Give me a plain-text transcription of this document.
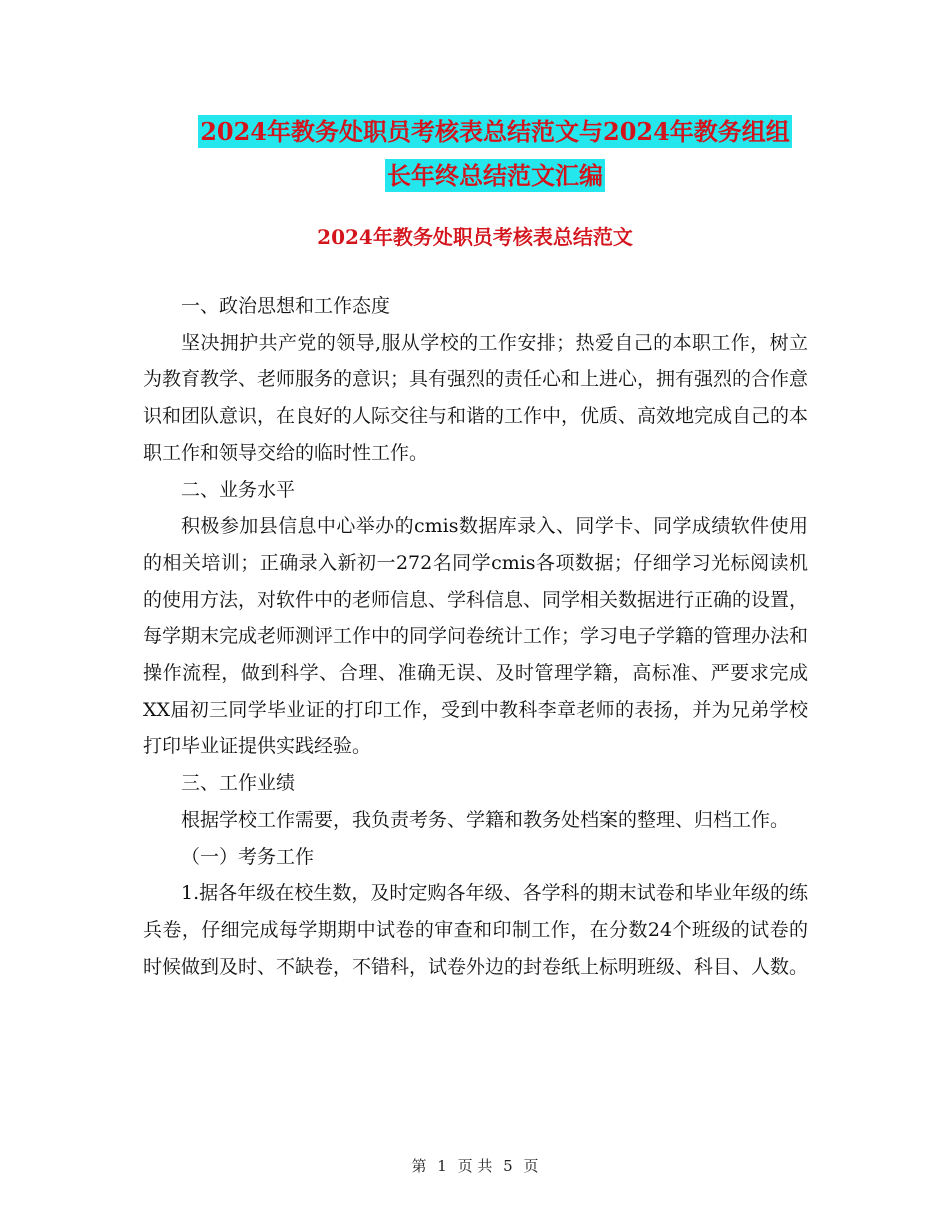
2024年教务处职员考核表总结范文与2024年教务组组
长年终总结范文汇编
2024年教务处职员考核表总结范文

一、政治思想和工作态度

坚决拥护共产党的领导,服从学校的工作安排；热爱自己的本职工作，树立为教育教学、老师服务的意识；具有强烈的责任心和上进心，拥有强烈的合作意识和团队意识，在良好的人际交往与和谐的工作中，优质、高效地完成自己的本职工作和领导交给的临时性工作。

二、业务水平

积极参加县信息中心举办的cmis数据库录入、同学卡、同学成绩软件使用的相关培训；正确录入新初一272名同学cmis各项数据；仔细学习光标阅读机的使用方法，对软件中的老师信息、学科信息、同学相关数据进行正确的设置，每学期末完成老师测评工作中的同学问卷统计工作；学习电子学籍的管理办法和操作流程，做到科学、合理、准确无误、及时管理学籍，高标准、严要求完成XX届初三同学毕业证的打印工作，受到中教科李章老师的表扬，并为兄弟学校打印毕业证提供实践经验。

三、工作业绩

根据学校工作需要，我负责考务、学籍和教务处档案的整理、归档工作。

（一）考务工作

1.据各年级在校生数，及时定购各年级、各学科的期末试卷和毕业年级的练兵卷，仔细完成每学期期中试卷的审查和印制工作，在分数24个班级的试卷的时候做到及时、不缺卷，不错科，试卷外边的封卷纸上标明班级、科目、人数。

第 1 页 共 5 页
